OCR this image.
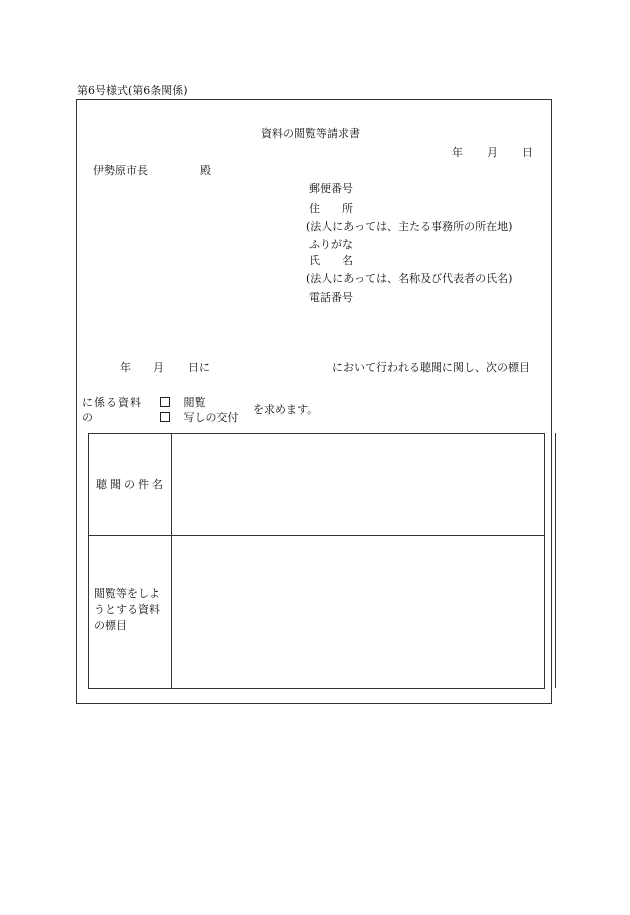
第6号様式(第6条関係)
資料の閲覧等請求書
年 月 日
伊勢原市長	殿
郵便番号
住　　所
(法人にあっては、主たる事務所の所在地)
ふりがな
氏　　名
(法人にあっては、名称及び代表者の氏名)
電話番号
年 月 日に	において行われる聴聞に関し、次の標目
に係る資料
の
閲覧
写しの交付
を求めます。
聴聞の件名
閲覧等をしようとする資料の標目
